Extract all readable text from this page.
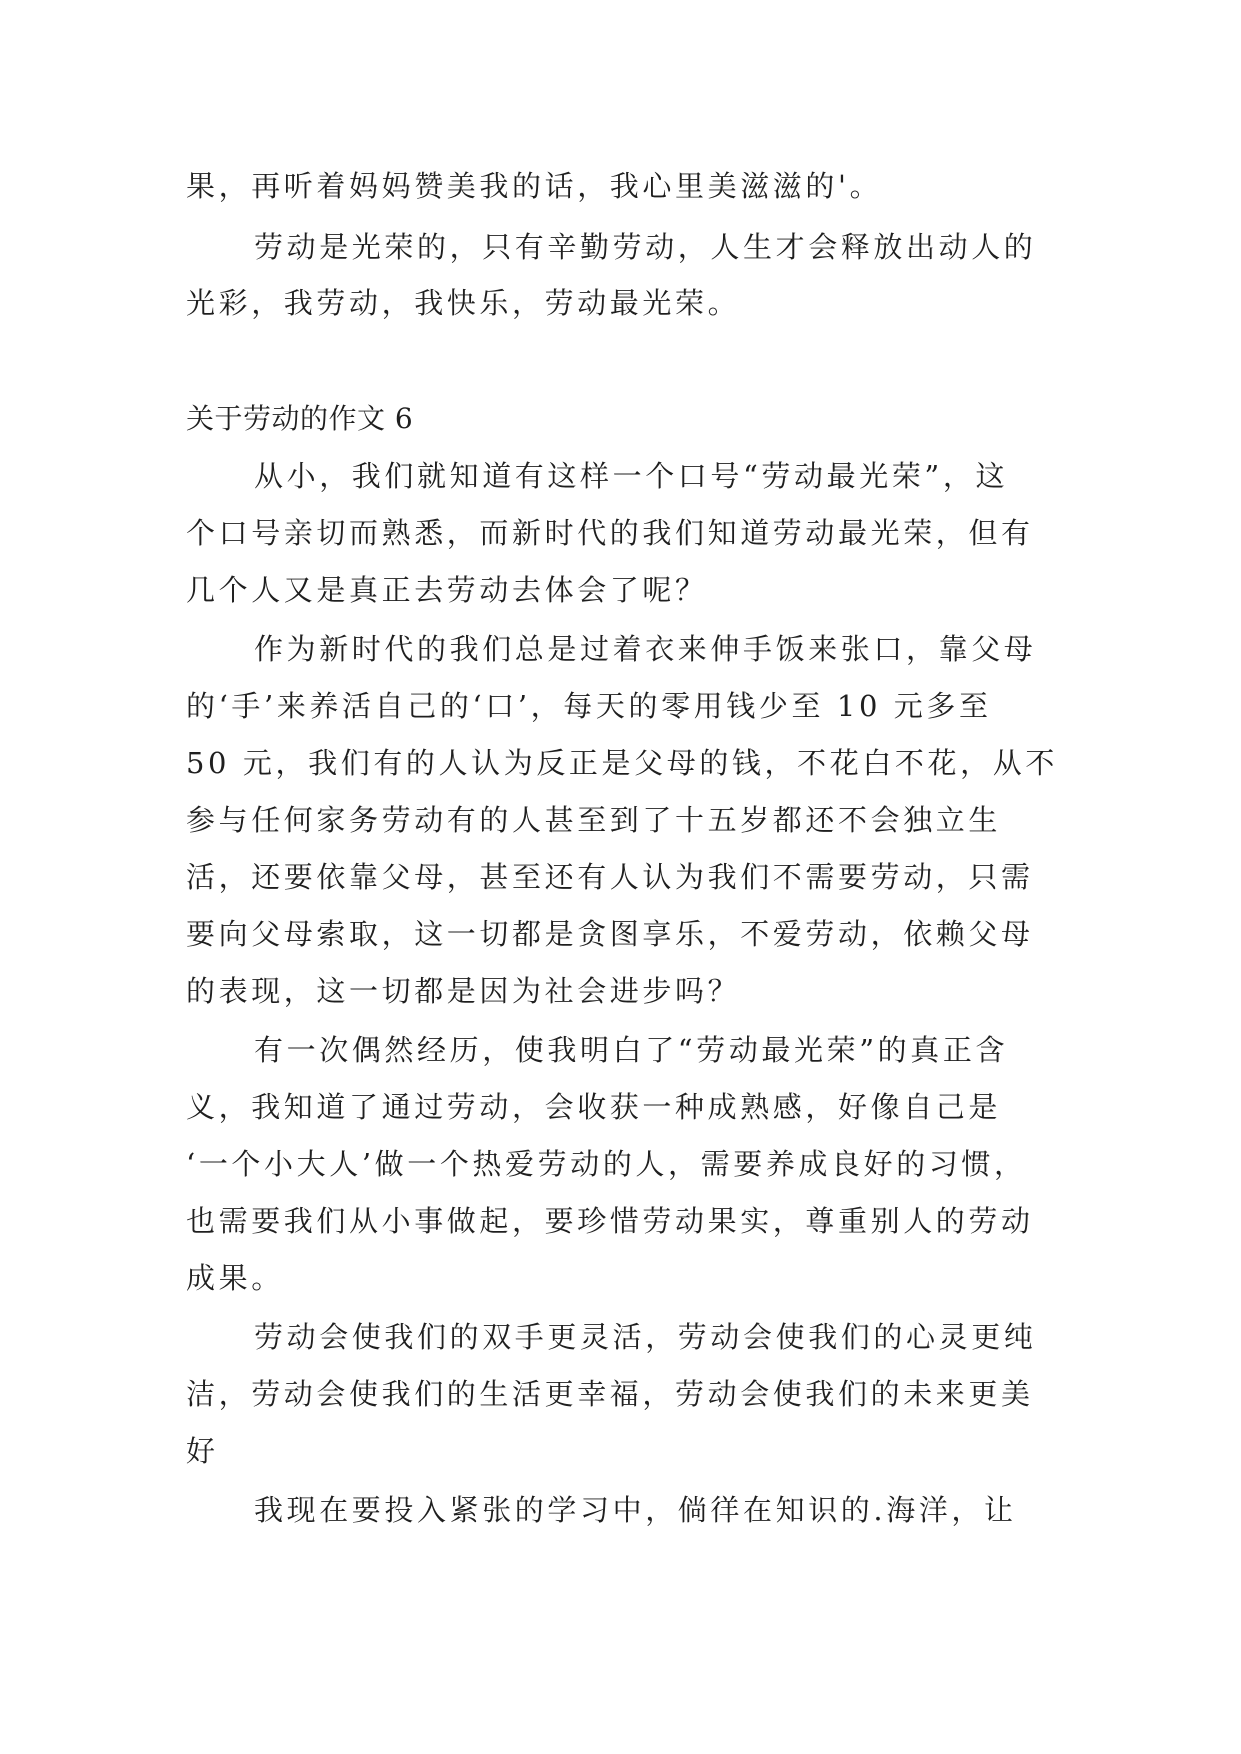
果，再听着妈妈赞美我的话，我心里美滋滋的'。
劳动是光荣的，只有辛勤劳动，人生才会释放出动人的
光彩，我劳动，我快乐，劳动最光荣。
关于劳动的作文 6
从小，我们就知道有这样一个口号“劳动最光荣”，这
个口号亲切而熟悉，而新时代的我们知道劳动最光荣，但有
几个人又是真正去劳动去体会了呢？
作为新时代的我们总是过着衣来伸手饭来张口，靠父母
的‘手’来养活自己的‘口’，每天的零用钱少至 10 元多至
50 元，我们有的人认为反正是父母的钱，不花白不花，从不
参与任何家务劳动有的人甚至到了十五岁都还不会独立生
活，还要依靠父母，甚至还有人认为我们不需要劳动，只需
要向父母索取，这一切都是贪图享乐，不爱劳动，依赖父母
的表现，这一切都是因为社会进步吗？
有一次偶然经历，使我明白了“劳动最光荣”的真正含
义，我知道了通过劳动，会收获一种成熟感，好像自己是
‘一个小大人’做一个热爱劳动的人，需要养成良好的习惯，
也需要我们从小事做起，要珍惜劳动果实，尊重别人的劳动
成果。
劳动会使我们的双手更灵活，劳动会使我们的心灵更纯
洁，劳动会使我们的生活更幸福，劳动会使我们的未来更美
好
我现在要投入紧张的学习中，倘徉在知识的.海洋，让
